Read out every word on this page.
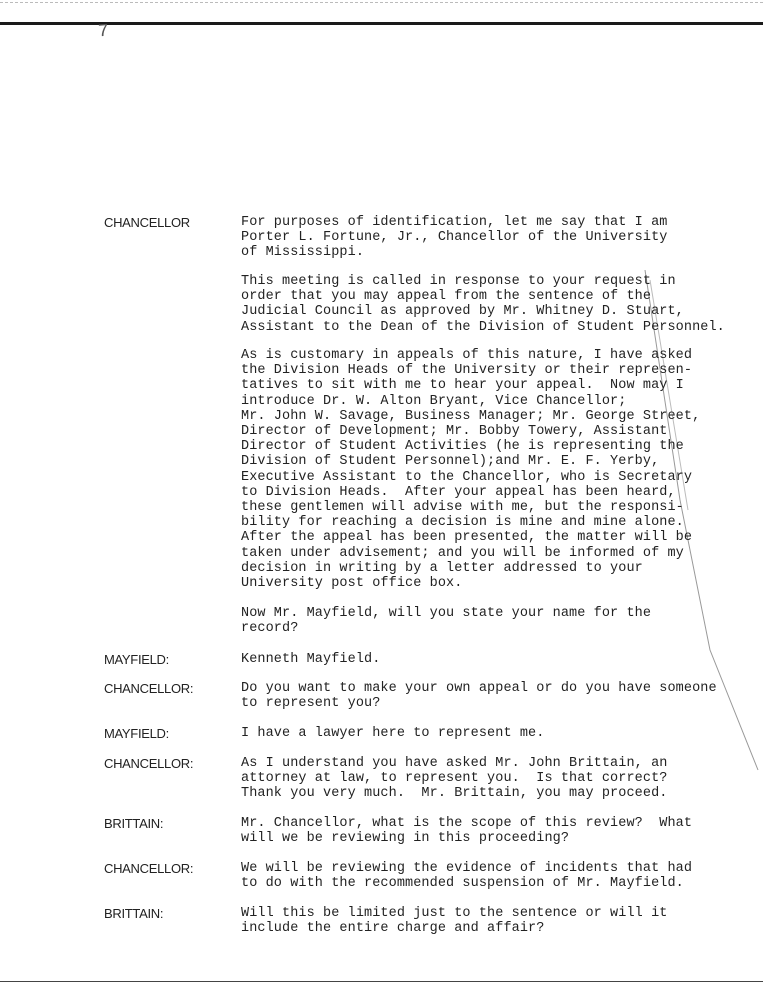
7
CHANCELLOR	For purposes of identification, let me say that I am
Porter L. Fortune, Jr., Chancellor of the University
of Mississippi.

This meeting is called in response to your request in
order that you may appeal from the sentence of the
Judicial Council as approved by Mr. Whitney D. Stuart,
Assistant to the Dean of the Division of Student Personnel.

As is customary in appeals of this nature, I have asked
the Division Heads of the University or their represen-
tatives to sit with me to hear your appeal.  Now may I
introduce Dr. W. Alton Bryant, Vice Chancellor;
Mr. John W. Savage, Business Manager; Mr. George Street,
Director of Development; Mr. Bobby Towery, Assistant
Director of Student Activities (he is representing the
Division of Student Personnel);and Mr. E. F. Yerby,
Executive Assistant to the Chancellor, who is Secretary
to Division Heads.  After your appeal has been heard,
these gentlemen will advise with me, but the responsi-
bility for reaching a decision is mine and mine alone.
After the appeal has been presented, the matter will be
taken under advisement; and you will be informed of my
decision in writing by a letter addressed to your
University post office box.

Now Mr. Mayfield, will you state your name for the
record?

MAYFIELD:	Kenneth Mayfield.

CHANCELLOR:	Do you want to make your own appeal or do you have someone
to represent you?

MAYFIELD:	I have a lawyer here to represent me.

CHANCELLOR:	As I understand you have asked Mr. John Brittain, an
attorney at law, to represent you.  Is that correct?
Thank you very much.  Mr. Brittain, you may proceed.

BRITTAIN:	Mr. Chancellor, what is the scope of this review?  What
will we be reviewing in this proceeding?

CHANCELLOR:	We will be reviewing the evidence of incidents that had
to do with the recommended suspension of Mr. Mayfield.

BRITTAIN:	Will this be limited just to the sentence or will it
include the entire charge and affair?
